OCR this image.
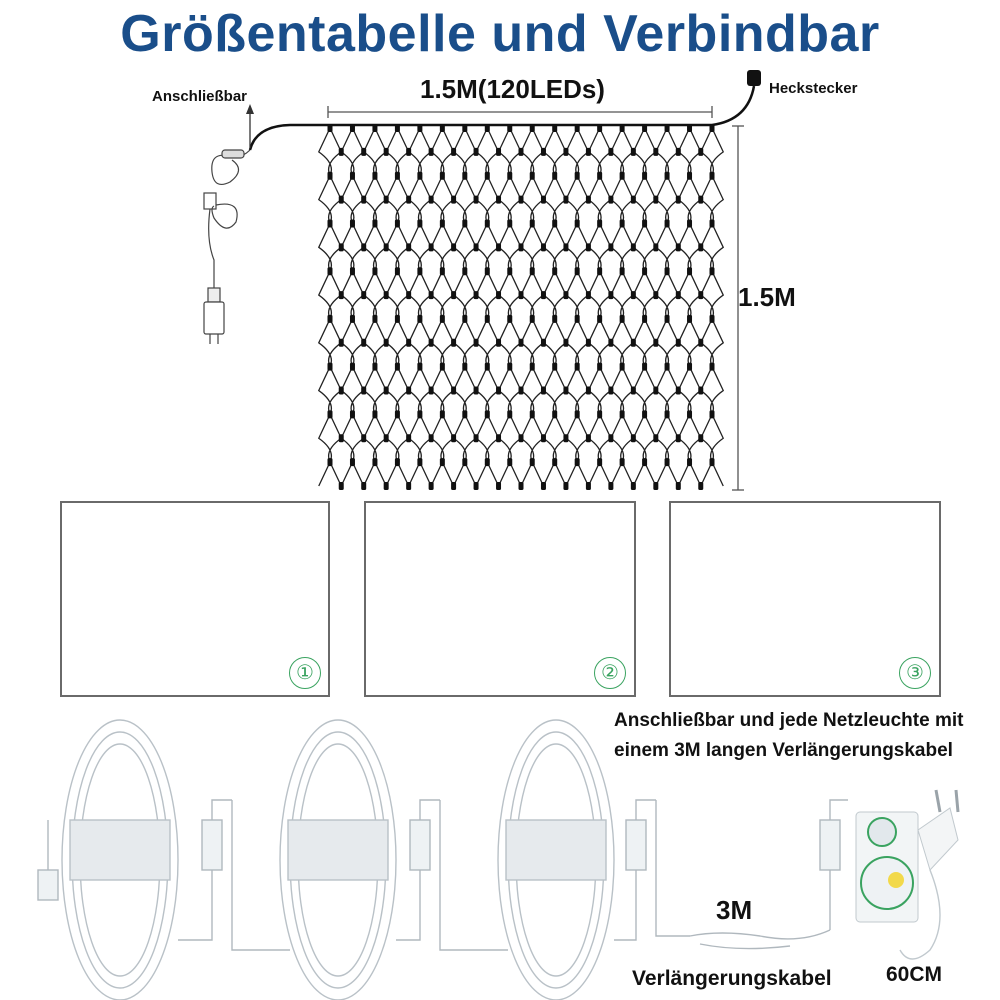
Größentabelle und Verbindbar
Anschließbar	1.5M(120LEDs)	Heckstecker
1.5M
①	②	③
Anschließbar und jede Netzleuchte mit
einem 3M langen Verlängerungskabel
3M
Verlängerungskabel	60CM
